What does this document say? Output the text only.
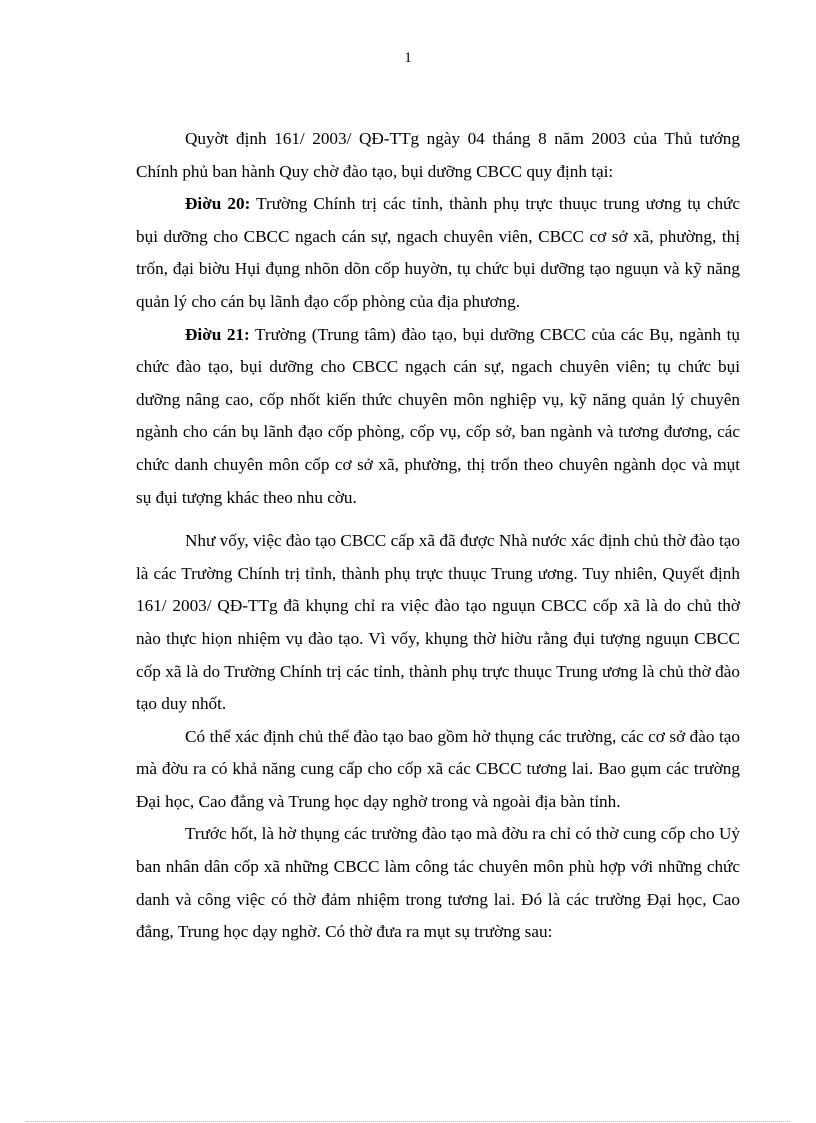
1

Quyờt định 161/ 2003/ QĐ-TTg ngày 04 tháng 8 năm 2003 của Thủ tướng Chính phủ ban hành Quy chờ đào tạo, bụi dưỡng CBCC quy định tại:

Điờu 20: Trường Chính trị các tỉnh, thành phụ trực thuục trung ương tụ chức bụi dưỡng cho CBCC ngach cán sự, ngach chuyên viên, CBCC cơ sở xã, phường, thị trốn, đại biờu Hụi đụng nhõn dõn cốp huyờn, tụ chức bụi dưỡng tạo nguụn và kỹ năng quản lý cho cán bụ lãnh đạo cốp phòng của địa phương.

Điờu 21: Trường (Trung tâm) đào tạo, bụi dưỡng CBCC của các Bụ, ngành tụ chức đào tạo, bụi dưỡng cho CBCC ngạch cán sự, ngach chuyên viên; tụ chức bụi dưỡng nâng cao, cốp nhốt kiến thức chuyên môn nghiệp vụ, kỹ năng quản lý chuyên ngành cho cán bụ lãnh đạo cốp phòng, cốp vụ, cốp sở, ban ngành và tương đương, các chức danh chuyên môn cốp cơ sở xã, phường, thị trốn theo chuyên ngành dọc và mụt sụ đụi tượng khác theo nhu cờu.

Như vốy, việc đào tạo CBCC cấp xã đã được Nhà nước xác định chủ thờ đào tạo là các Trường Chính trị tỉnh, thành phụ trực thuục Trung ương. Tuy nhiên, Quyết định 161/ 2003/ QĐ-TTg đã khụng chỉ ra việc đào tạo nguụn CBCC cốp xã là do chủ thờ nào thực hiọn nhiệm vụ đào tạo. Vì vốy, khụng thờ hiờu rằng đụi tượng nguụn CBCC cốp xã là do Trường Chính trị các tỉnh, thành phụ trực thuục Trung ương là chủ thờ đào tạo duy nhốt.

Có thể xác định chủ thể đào tạo bao gồm hờ thụng các trường, các cơ sở đào tạo mà đờu ra có khả năng cung cấp cho cốp xã các CBCC tương lai. Bao gụm các trường Đại học, Cao đẳng và Trung học dạy nghờ trong và ngoài địa bàn tỉnh.

Trước hốt, là hờ thụng các trường đào tạo mà đờu ra chỉ có thờ cung cốp cho Uỷ ban nhân dân cốp xã những CBCC làm công tác chuyên môn phù hợp với những chức danh và công việc có thờ đảm nhiệm trong tương lai. Đó là các trường Đại học, Cao đẳng, Trung học dạy nghờ. Có thờ đưa ra mụt sụ trường sau:
